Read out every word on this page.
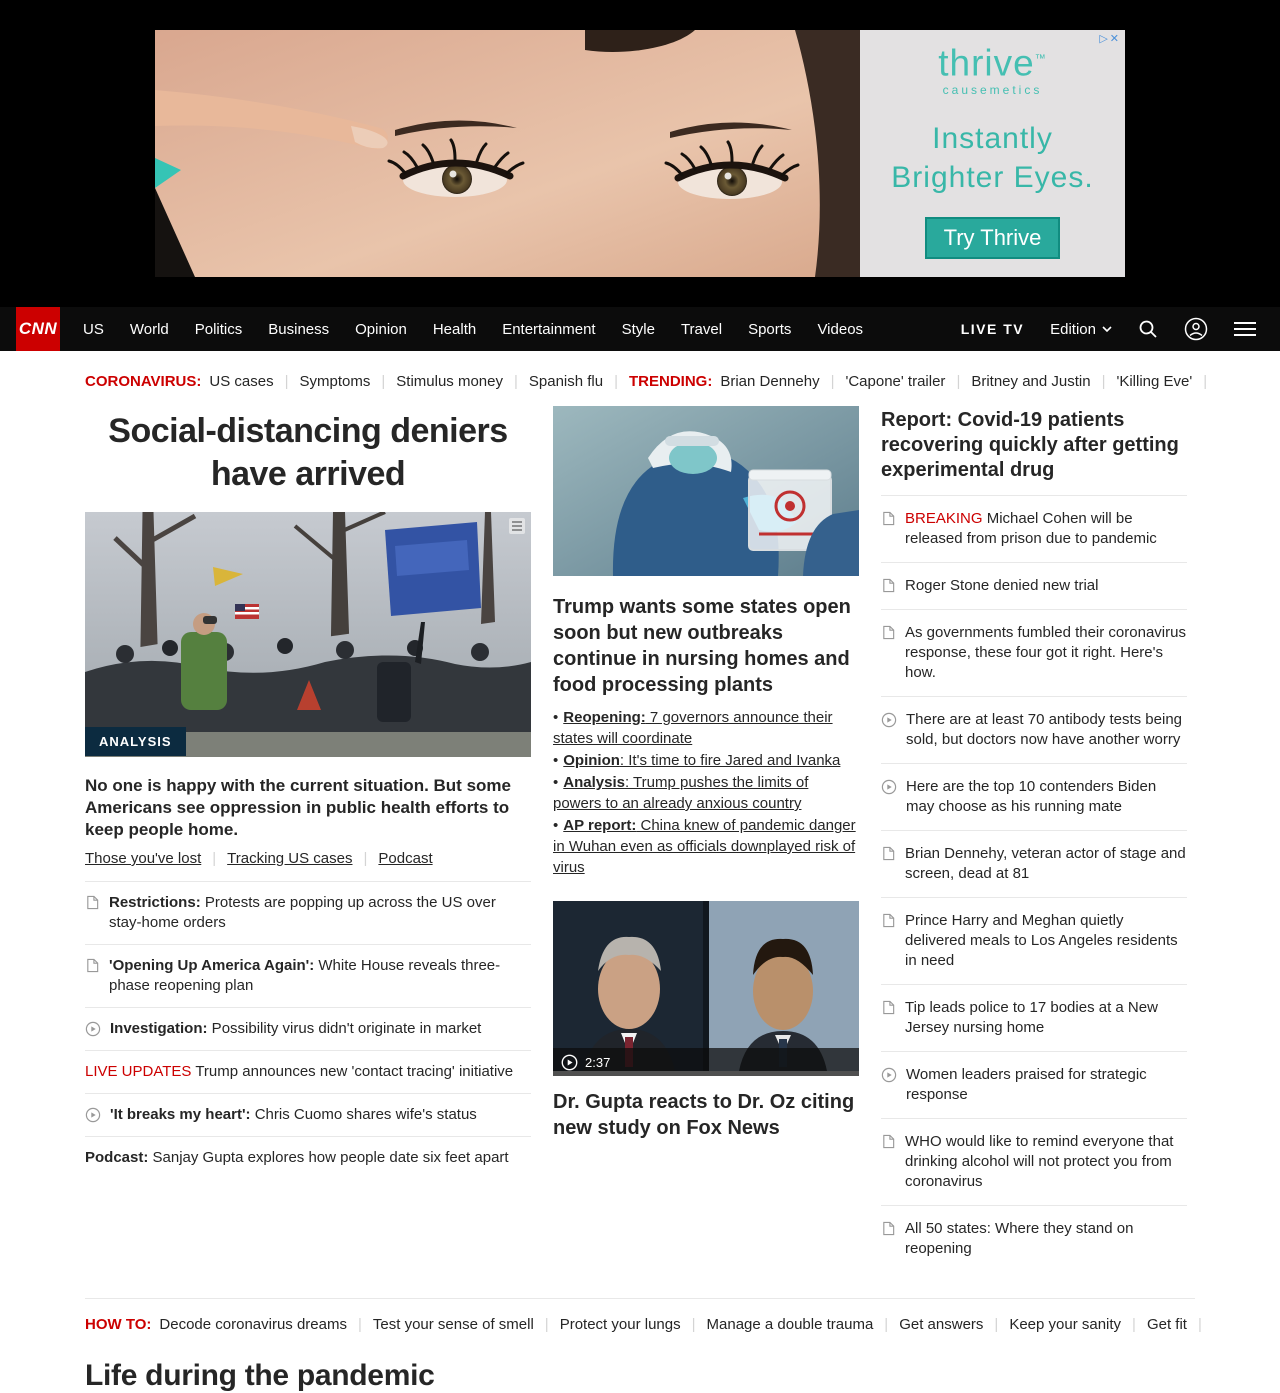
thrive™
causemetics
Instantly
Brighter Eyes.
Try Thrive
▷✕
CNN	US	World	Politics	Business	Opinion	Health	Entertainment	Style	Travel	Sports	Videos	LIVE TV Edition
CORONAVIRUS: US cases | Symptoms | Stimulus money | Spanish flu | TRENDING: Brian Dennehy | 'Capone' trailer | Britney and Justin | 'Killing Eve' |
Social-distancing deniers have arrived
ANALYSIS
No one is happy with the current situation. But some Americans see oppression in public health efforts to keep people home.
Those you've lost | Tracking US cases | Podcast
Restrictions: Protests are popping up across the US over stay-home orders
'Opening Up America Again': White House reveals three-phase reopening plan
Investigation: Possibility virus didn't originate in market
LIVE UPDATES Trump announces new 'contact tracing' initiative
'It breaks my heart': Chris Cuomo shares wife's status
Podcast: Sanjay Gupta explores how people date six feet apart
Trump wants some states open soon but new outbreaks continue in nursing homes and food processing plants
• Reopening: 7 governors announce their states will coordinate
• Opinion: It's time to fire Jared and Ivanka
• Analysis: Trump pushes the limits of powers to an already anxious country
• AP report: China knew of pandemic danger in Wuhan even as officials downplayed risk of virus
2:37
Dr. Gupta reacts to Dr. Oz citing new study on Fox News
Report: Covid-19 patients recovering quickly after getting experimental drug
BREAKING Michael Cohen will be released from prison due to pandemic
Roger Stone denied new trial
As governments fumbled their coronavirus response, these four got it right. Here's how.
There are at least 70 antibody tests being sold, but doctors now have another worry
Here are the top 10 contenders Biden may choose as his running mate
Brian Dennehy, veteran actor of stage and screen, dead at 81
Prince Harry and Meghan quietly delivered meals to Los Angeles residents in need
Tip leads police to 17 bodies at a New Jersey nursing home
Women leaders praised for strategic response
WHO would like to remind everyone that drinking alcohol will not protect you from coronavirus
All 50 states: Where they stand on reopening
HOW TO: Decode coronavirus dreams | Test your sense of smell | Protect your lungs | Manage a double trauma | Get answers | Keep your sanity | Get fit |
Life during the pandemic
